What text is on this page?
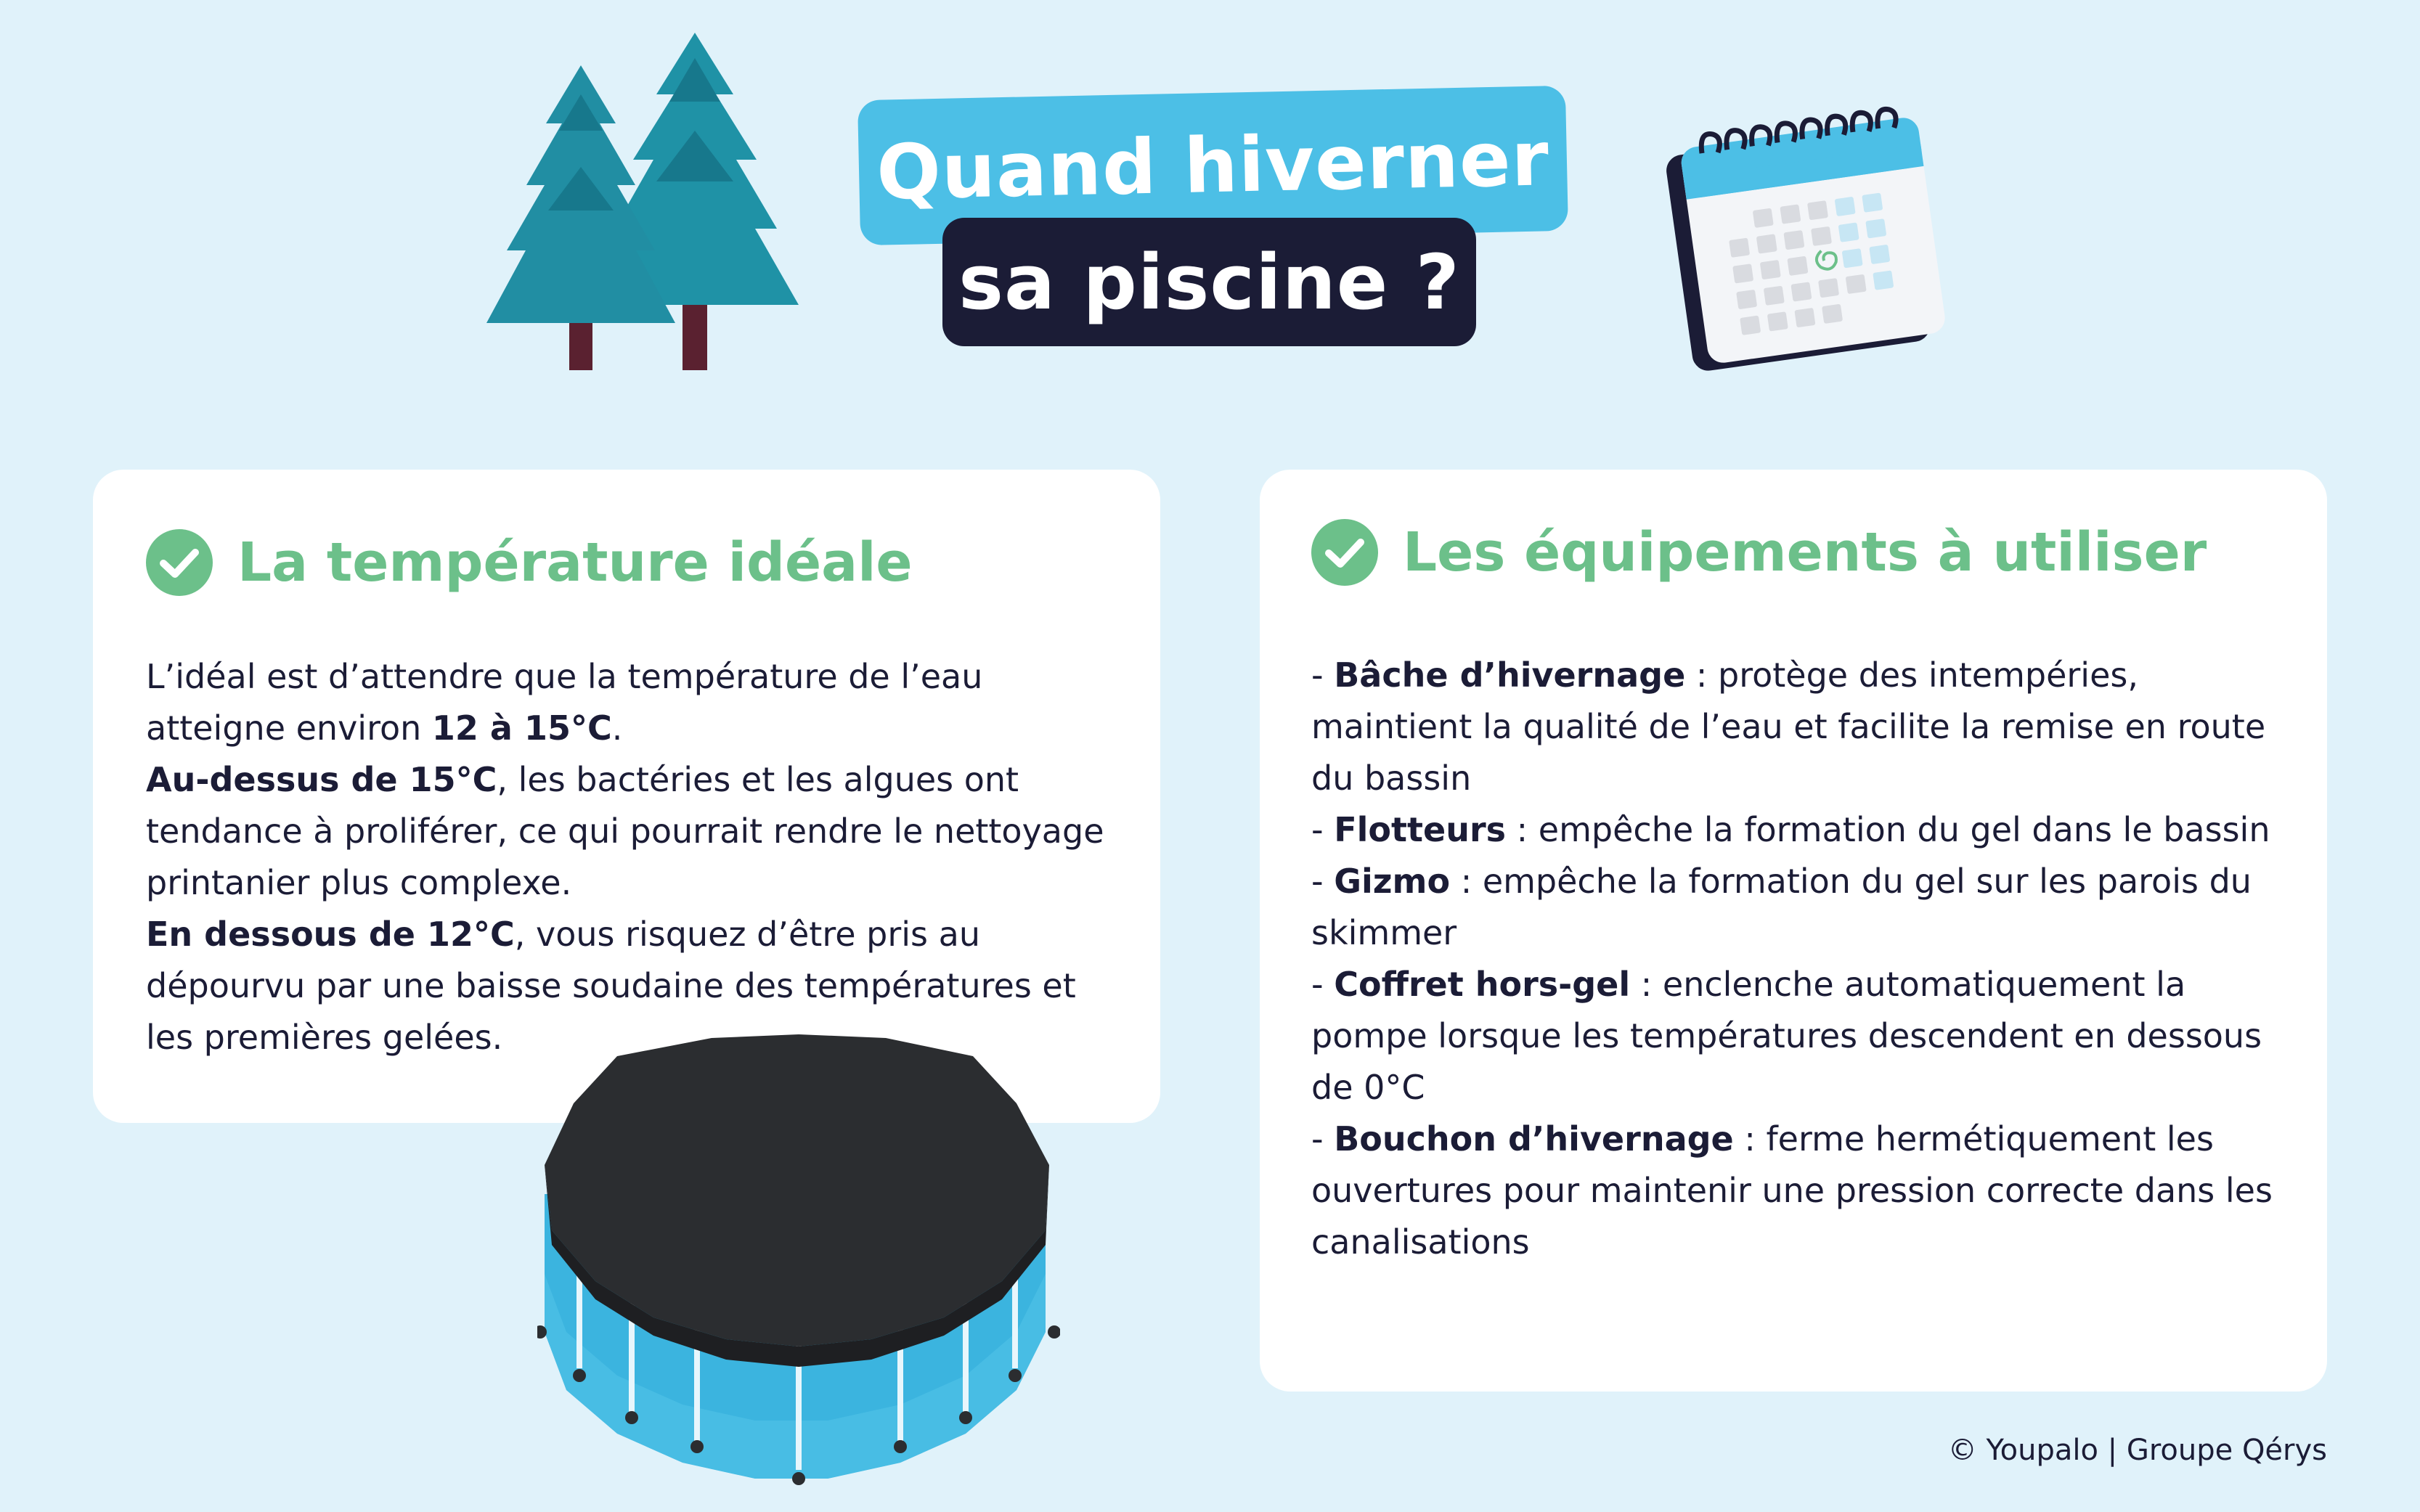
Quand hiverner
sa piscine ?
La température idéale

L’idéal est d’attendre que la température de l’eau atteigne environ 12 à 15°C.

Au-dessus de 15°C, les bactéries et les algues ont tendance à proliférer, ce qui pourrait rendre le nettoyage printanier plus complexe.

En dessous de 12°C, vous risquez d’être pris au dépourvu par une baisse soudaine des températures et les premières gelées.

Les équipements à utiliser

- Bâche d’hivernage : protège des intempéries, maintient la qualité de l’eau et facilite la remise en route du bassin

- Flotteurs : empêche la formation du gel dans le bassin

- Gizmo : empêche la formation du gel sur les parois du skimmer

- Coffret hors-gel : enclenche automatiquement la pompe lorsque les températures descendent en dessous de 0°C

- Bouchon d’hivernage : ferme hermétiquement les ouvertures pour maintenir une pression correcte dans les canalisations

© Youpalo | Groupe Qérys
